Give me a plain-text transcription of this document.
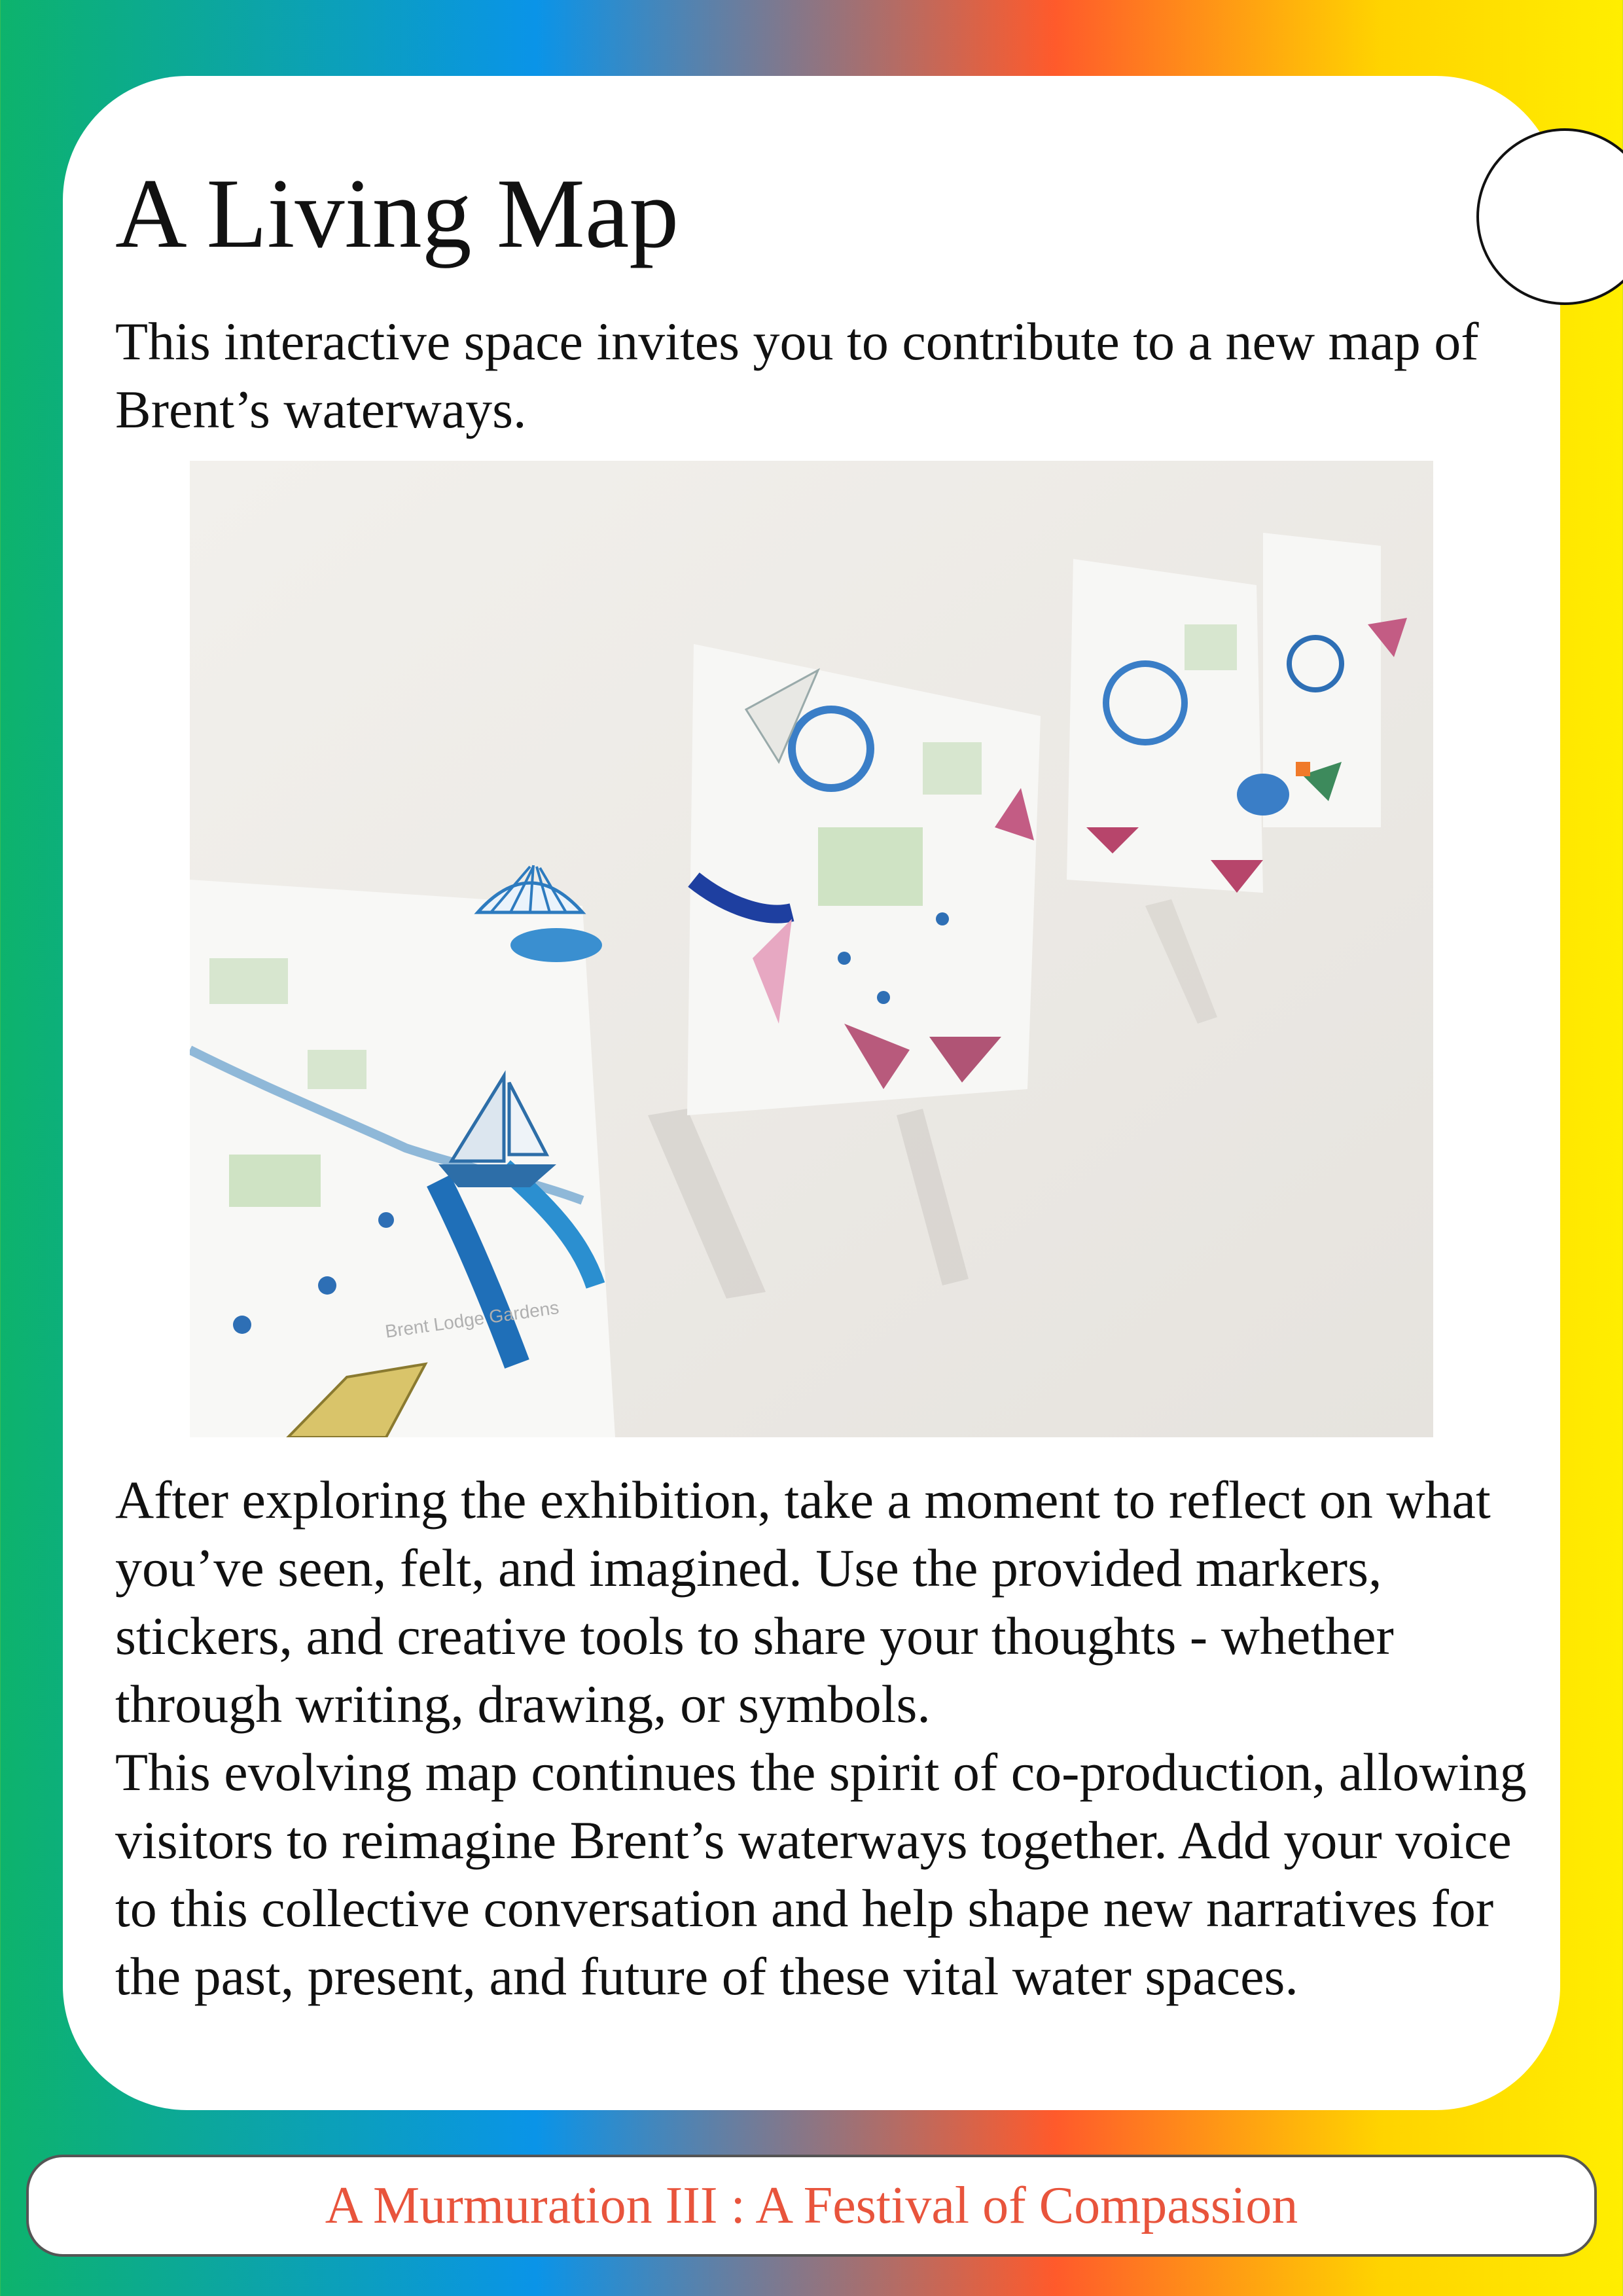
A Living Map

This interactive space invites you to contribute to a new map of Brent’s waterways.

Brent Lodge Gardens

After exploring the exhibition, take a moment to reflect on what you’ve seen, felt, and imagined. Use the provided markers, stickers, and creative tools to share your thoughts - whether through writing, drawing, or symbols.

This evolving map continues the spirit of co-production, allowing visitors to reimagine Brent’s waterways together. Add your voice to this collective conversation and help shape new narratives for the past, present, and future of these vital water spaces.

A Murmuration III : A Festival of Compassion
